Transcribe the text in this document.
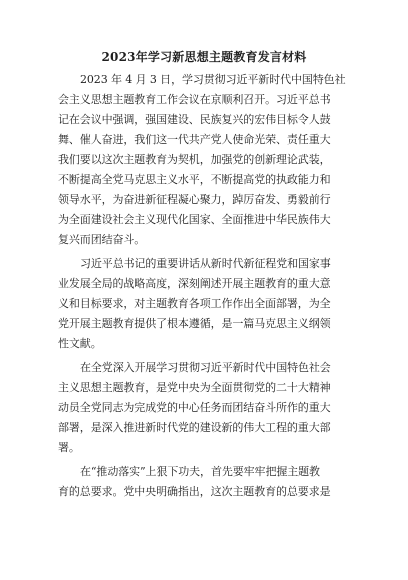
2023年学习新思想主题教育发言材料
2023 年 4 月 3 日，学习贯彻习近平新时代中国特色社
会主义思想主题教育工作会议在京顺利召开。习近平总书
记在会议中强调，强国建设、民族复兴的宏伟目标令人鼓
舞、催人奋进，我们这一代共产党人使命光荣、责任重大
我们要以这次主题教育为契机，加强党的创新理论武装，
不断提高全党马克思主义水平，不断提高党的执政能力和
领导水平，为奋进新征程凝心聚力，踔厉奋发、勇毅前行
为全面建设社会主义现代化国家、全面推进中华民族伟大
复兴而团结奋斗。
习近平总书记的重要讲话从新时代新征程党和国家事
业发展全局的战略高度，深刻阐述开展主题教育的重大意
义和目标要求，对主题教育各项工作作出全面部署，为全
党开展主题教育提供了根本遵循，是一篇马克思主义纲领
性文献。
在全党深入开展学习贯彻习近平新时代中国特色社会
主义思想主题教育，是党中央为全面贯彻党的二十大精神
动员全党同志为完成党的中心任务而团结奋斗所作的重大
部署，是深入推进新时代党的建设新的伟大工程的重大部
署。
在“推动落实”上狠下功夫，首先要牢牢把握主题教
育的总要求。党中央明确指出，这次主题教育的总要求是
